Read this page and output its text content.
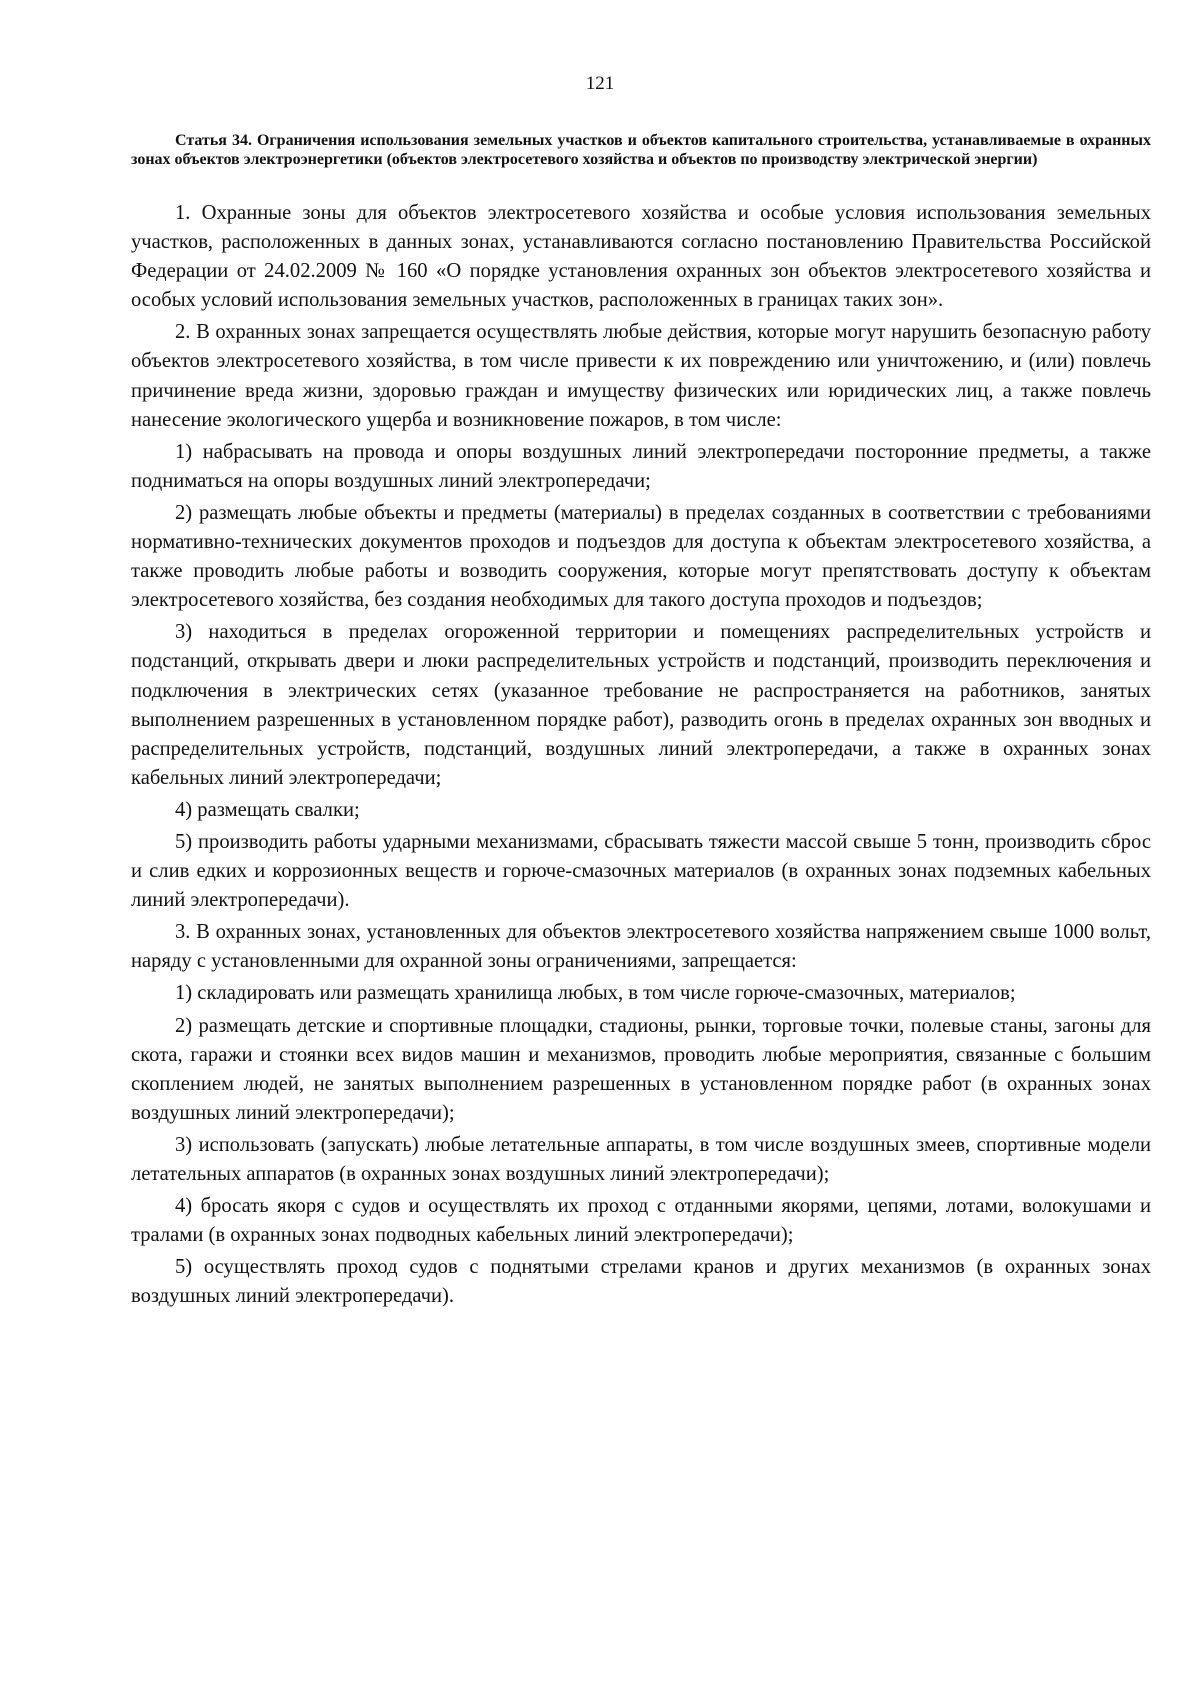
121
Статья 34. Ограничения использования земельных участков и объектов капитального строительства, устанавливаемые в охранных зонах объектов электроэнергетики (объектов электросетевого хозяйства и объектов по производству электрической энергии)

1. Охранные зоны для объектов электросетевого хозяйства и особые условия использования земельных участков, расположенных в данных зонах, устанавливаются согласно постановлению Правительства Российской Федерации от 24.02.2009 № 160 «О порядке установления охранных зон объектов электросетевого хозяйства и особых условий использования земельных участков, расположенных в границах таких зон».

2. В охранных зонах запрещается осуществлять любые действия, которые могут нарушить безопасную работу объектов электросетевого хозяйства, в том числе привести к их повреждению или уничтожению, и (или) повлечь причинение вреда жизни, здоровью граждан и имуществу физических или юридических лиц, а также повлечь нанесение экологического ущерба и возникновение пожаров, в том числе:

1) набрасывать на провода и опоры воздушных линий электропередачи посторонние предметы, а также подниматься на опоры воздушных линий электропередачи;

2) размещать любые объекты и предметы (материалы) в пределах созданных в соответствии с требованиями нормативно-технических документов проходов и подъездов для доступа к объектам электросетевого хозяйства, а также проводить любые работы и возводить сооружения, которые могут препятствовать доступу к объектам электросетевого хозяйства, без создания необходимых для такого доступа проходов и подъездов;

3) находиться в пределах огороженной территории и помещениях распределительных устройств и подстанций, открывать двери и люки распределительных устройств и подстанций, производить переключения и подключения в электрических сетях (указанное требование не распространяется на работников, занятых выполнением разрешенных в установленном порядке работ), разводить огонь в пределах охранных зон вводных и распределительных устройств, подстанций, воздушных линий электропередачи, а также в охранных зонах кабельных линий электропередачи;

4) размещать свалки;

5) производить работы ударными механизмами, сбрасывать тяжести массой свыше 5 тонн, производить сброс и слив едких и коррозионных веществ и горюче-смазочных материалов (в охранных зонах подземных кабельных линий электропередачи).

3. В охранных зонах, установленных для объектов электросетевого хозяйства напряжением свыше 1000 вольт, наряду с установленными для охранной зоны ограничениями, запрещается:

1) складировать или размещать хранилища любых, в том числе горюче-смазочных, материалов;

2) размещать детские и спортивные площадки, стадионы, рынки, торговые точки, полевые станы, загоны для скота, гаражи и стоянки всех видов машин и механизмов, проводить любые мероприятия, связанные с большим скоплением людей, не занятых выполнением разрешенных в установленном порядке работ (в охранных зонах воздушных линий электропередачи);

3) использовать (запускать) любые летательные аппараты, в том числе воздушных змеев, спортивные модели летательных аппаратов (в охранных зонах воздушных линий электропередачи);

4) бросать якоря с судов и осуществлять их проход с отданными якорями, цепями, лотами, волокушами и тралами (в охранных зонах подводных кабельных линий электропередачи);

5) осуществлять проход судов с поднятыми стрелами кранов и других механизмов (в охранных зонах воздушных линий электропередачи).
